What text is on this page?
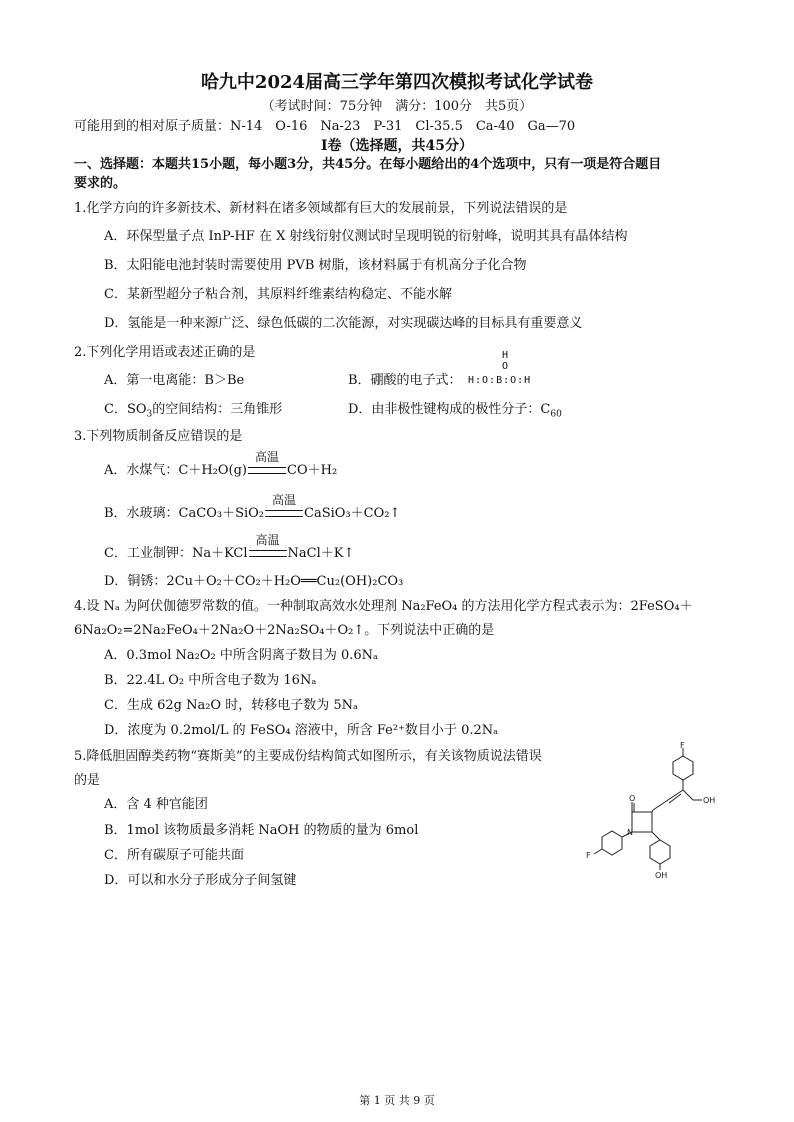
哈九中2024届高三学年第四次模拟考试化学试卷
（考试时间：75分钟　满分：100分　共5页）
可能用到的相对原子质量：N-14　O-16　Na-23　P-31　Cl-35.5　Ca-40　Ga—70
I卷（选择题，共45分）
一、选择题：本题共15小题，每小题3分，共45分。在每小题给出的4个选项中，只有一项是符合题目
要求的。
1.化学方向的许多新技术、新材料在诸多领域都有巨大的发展前景，下列说法错误的是
A．环保型量子点 InP-HF 在 X 射线衍射仪测试时呈现明锐的衍射峰，说明其具有晶体结构
B．太阳能电池封装时需要使用 PVB 树脂，该材料属于有机高分子化合物
C．某新型超分子粘合剂，其原料纤维素结构稳定、不能水解
D．氢能是一种来源广泛、绿色低碳的二次能源，对实现碳达峰的目标具有重要意义
2.下列化学用语或表述正确的是
A．第一电离能：B＞Be	B．硼酸的电子式：
H
O
H:O:B:O:H
C．$SO_3$的空间结构：三角锥形	D．由非极性键构成的极性分子：$C_{60}$
3.下列物质制备反应错误的是
A．水煤气：C＋H₂O(g)
高温
CO＋H₂
B．水玻璃：CaCO₃＋SiO₂
高温
CaSiO₃＋CO₂↑
C．工业制钾：Na＋KCl
高温
NaCl＋K↑
D．铜锈：2Cu＋O₂＋CO₂＋H₂O══Cu₂(OH)₂CO₃
4.设 Nₐ 为阿伏伽德罗常数的值。一种制取高效水处理剂 Na₂FeO₄ 的方法用化学方程式表示为：2FeSO₄＋
6Na₂O₂=2Na₂FeO₄＋2Na₂O＋2Na₂SO₄＋O₂↑。下列说法中正确的是
A．0.3mol Na₂O₂ 中所含阴离子数目为 0.6Nₐ
B．22.4L O₂ 中所含电子数为 16Nₐ
C．生成 62g Na₂O 时，转移电子数为 5Nₐ
D．浓度为 0.2mol/L 的 FeSO₄ 溶液中，所含 Fe²⁺数目小于 0.2Nₐ
5.降低胆固醇类药物“赛斯美”的主要成份结构简式如图所示，有关该物质说法错误
的是
A．含 4 种官能团
B．1mol 该物质最多消耗 NaOH 的物质的量为 6mol
C．所有碳原子可能共面
D．可以和水分子形成分子间氢键
F
O	OH
N
F
OH
第 1 页 共 9 页
